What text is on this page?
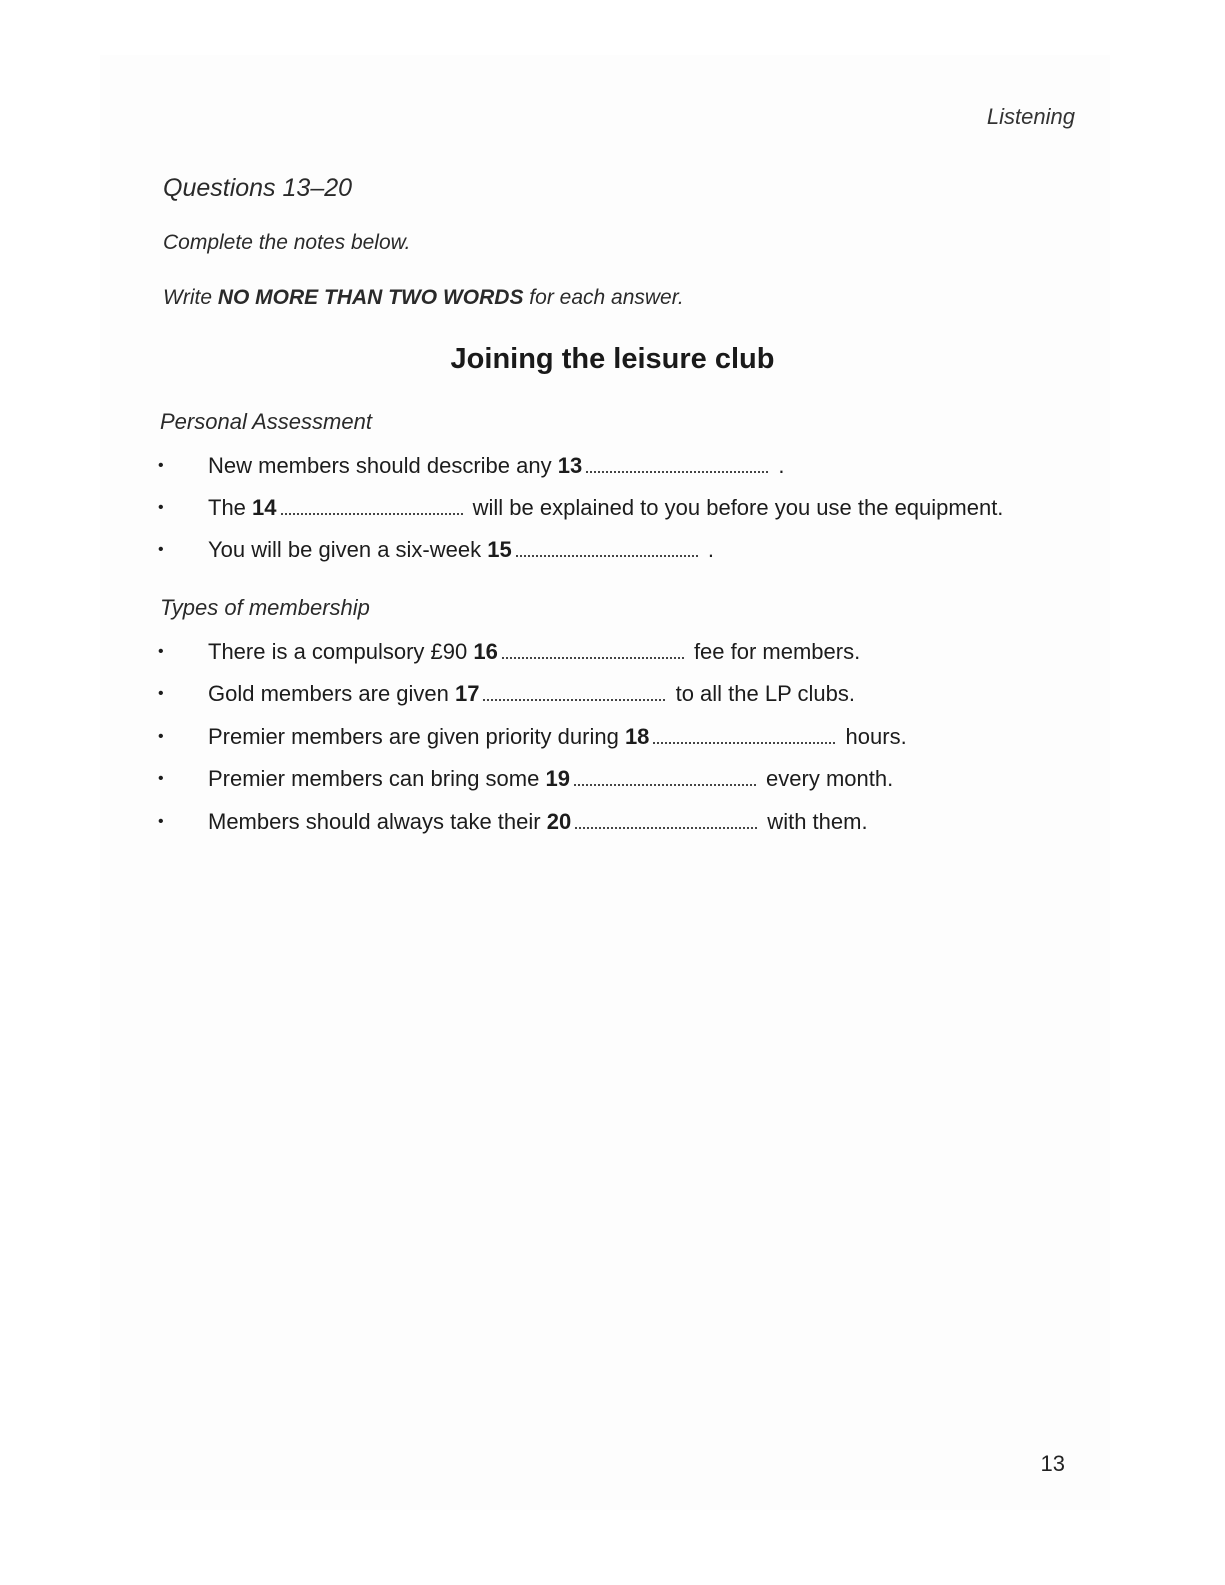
Listening
Questions 13–20
Complete the notes below.
Write NO MORE THAN TWO WORDS for each answer.
Joining the leisure club
Personal Assessment
• New members should describe any 13	.
• The 14	will be explained to you before you use the equipment.
• You will be given a six-week 15	.
Types of membership
• There is a compulsory £90 16	fee for members.
• Gold members are given 17	to all the LP clubs.
• Premier members are given priority during 18	hours.
• Premier members can bring some 19	every month.
• Members should always take their 20	with them.
13
